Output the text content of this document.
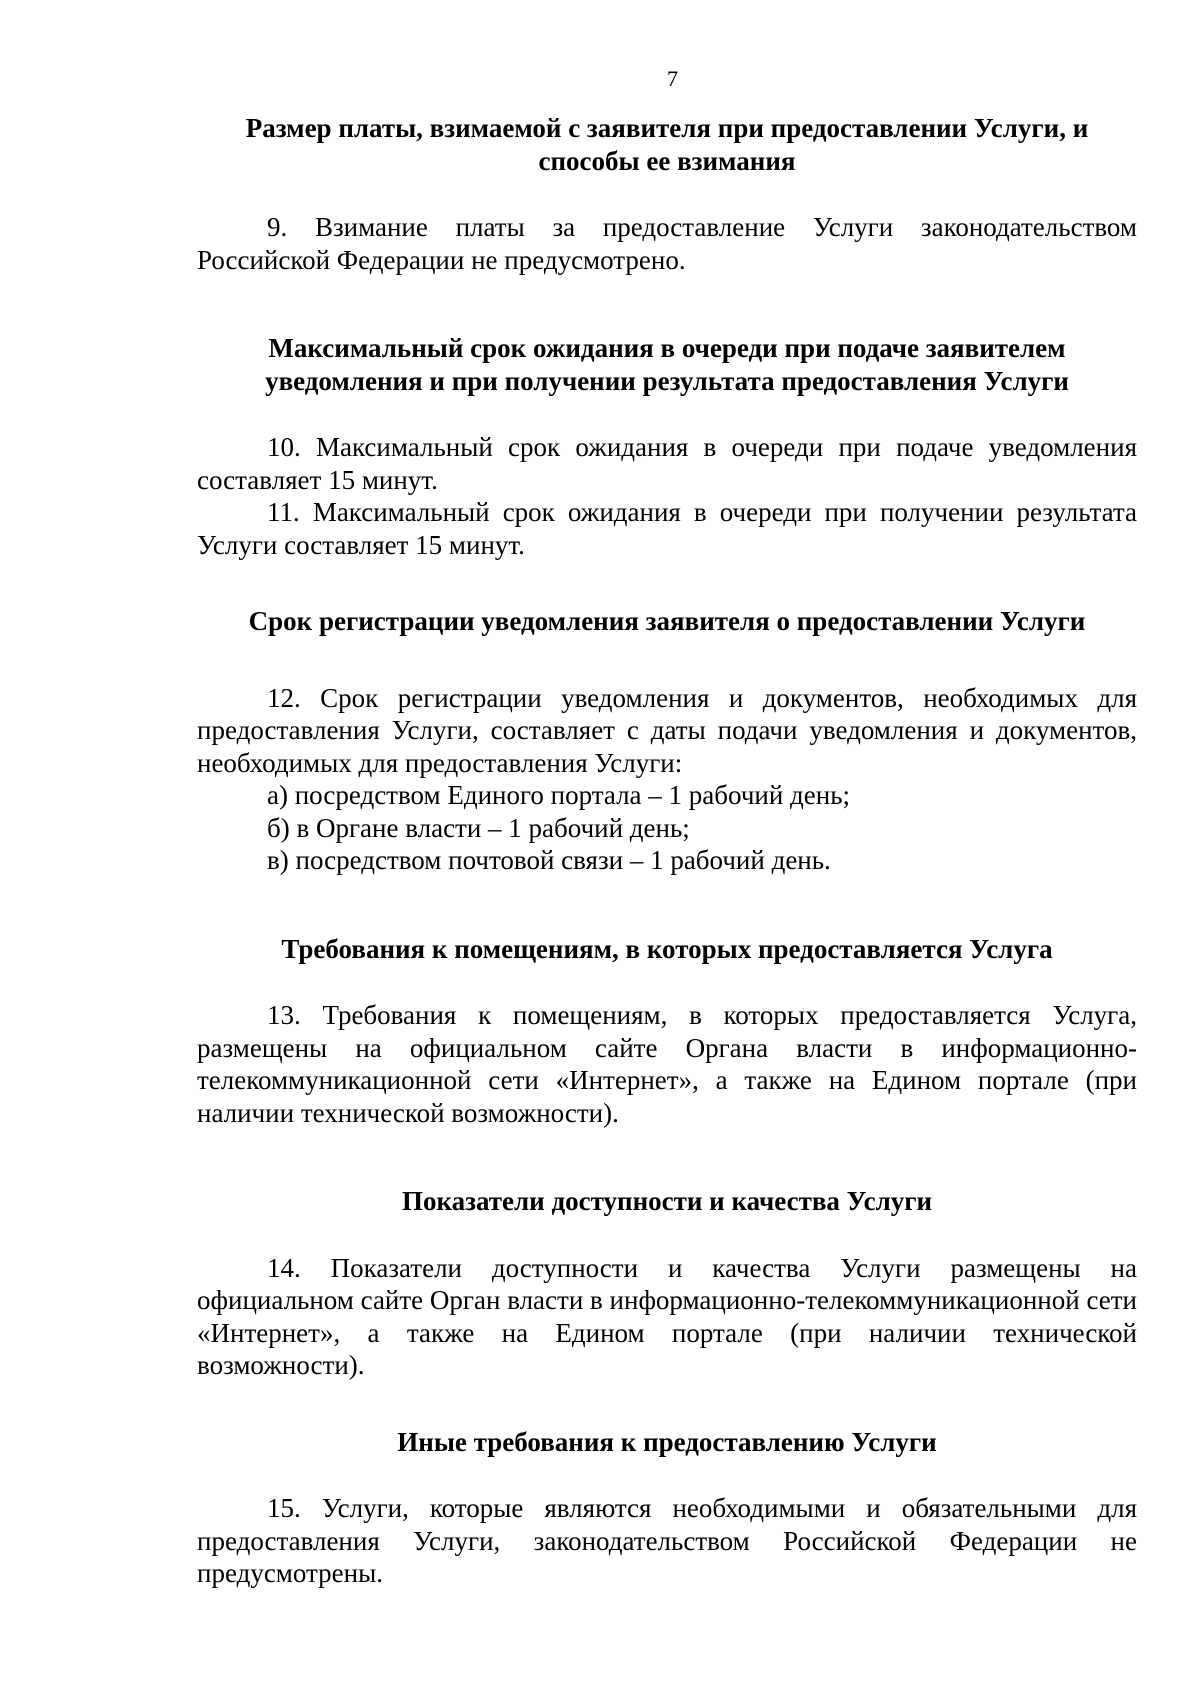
7

Размер платы, взимаемой с заявителя при предоставлении Услуги, и

способы ее взимания

9. Взимание платы за предоставление Услуги законодательством Российской Федерации не предусмотрено.

Максимальный срок ожидания в очереди при подаче заявителем

уведомления и при получении результата предоставления Услуги

10. Максимальный срок ожидания в очереди при подаче уведомления составляет 15 минут.

11. Максимальный срок ожидания в очереди при получении результата Услуги составляет 15 минут.

Срок регистрации уведомления заявителя о предоставлении Услуги

12. Срок регистрации уведомления и документов, необходимых для предоставления Услуги, составляет с даты подачи уведомления и документов, необходимых для предоставления Услуги:

а) посредством Единого портала – 1 рабочий день;

б) в Органе власти – 1 рабочий день;

в) посредством почтовой связи – 1 рабочий день.

Требования к помещениям, в которых предоставляется Услуга

13. Требования к помещениям, в которых предоставляется Услуга, размещены на официальном сайте Органа власти в информационно-телекоммуникационной сети «Интернет», а также на Едином портале (при наличии технической возможности).

Показатели доступности и качества Услуги

14. Показатели доступности и качества Услуги размещены на официальном сайте Орган власти в информационно-телекоммуникационной сети «Интернет», а также на Едином портале (при наличии технической возможности).

Иные требования к предоставлению Услуги

15. Услуги, которые являются необходимыми и обязательными для предоставления Услуги, законодательством Российской Федерации не предусмотрены.
